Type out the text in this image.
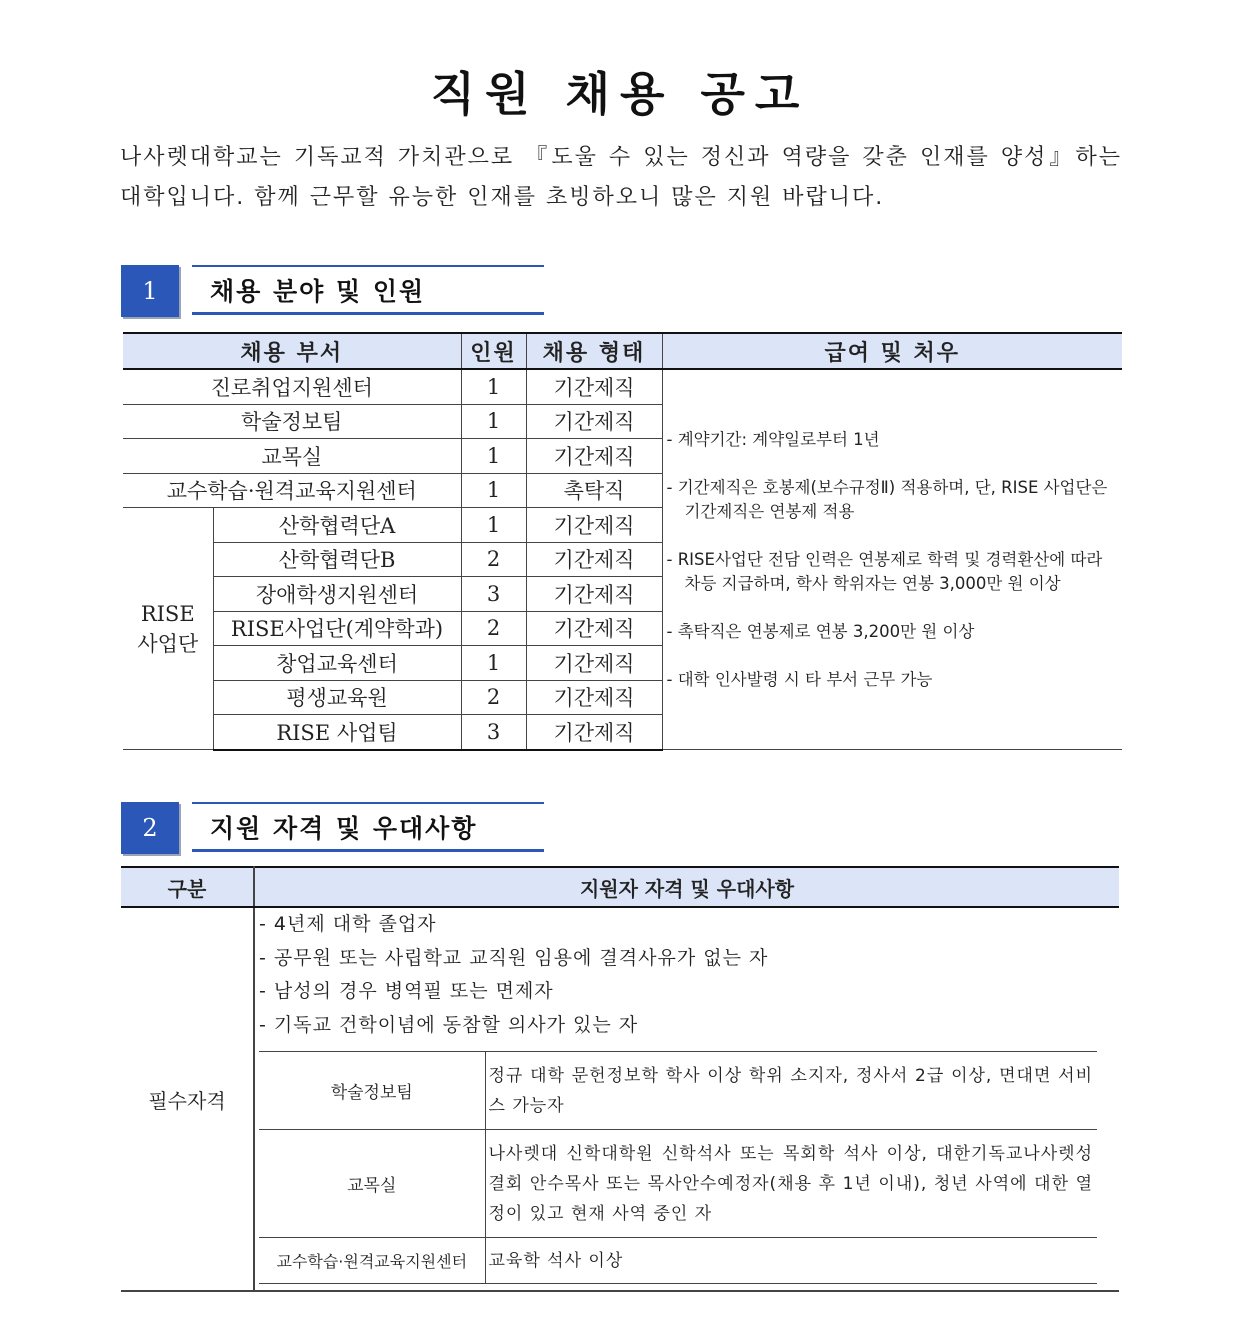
직원 채용 공고
나사렛대학교는 기독교적 가치관으로 『도울 수 있는 정신과 역량을 갖춘 인재를 양성』하는 대학입니다. 함께 근무할 유능한 인재를 초빙하오니 많은 지원 바랍니다.
1	채용 분야 및 인원
채용 부서		인원	채용 형태	급여 및 처우
진로취업지원센터		1	기간제직	- 계약기간: 계약일로부터 1년

- 기간제직은 호봉제(보수규정Ⅱ) 적용하며, 단, RISE 사업단은 기간제직은 연봉제 적용

- RISE사업단 전담 인력은 연봉제로 학력 및 경력환산에 따라 차등 지급하며, 학사 학위자는 연봉 3,000만 원 이상

- 촉탁직은 연봉제로 연봉 3,200만 원 이상

- 대학 인사발령 시 타 부서 근무 가능

학술정보팀		1	기간제직	
교목실		1	기간제직	
교수학습·원격교육지원센터		1	촉탁직	

RISE
사업단	산학협력단A	1	기간제직	
	산학협력단B	2	기간제직	
	장애학생지원센터	3	기간제직	
	RISE사업단(계약학과)	2	기간제직	
	창업교육센터	1	기간제직	
	평생교육원	2	기간제직	
	RISE 사업팀	3	기간제직	
2	지원 자격 및 우대사항
구분	지원자 자격 및 우대사항
필수자격	
- 4년제 대학 졸업자
- 공무원 또는 사립학교 교직원 임용에 결격사유가 없는 자
- 남성의 경우 병역필 또는 면제자
- 기독교 건학이념에 동참할 의사가 있는 자
학술정보팀	정규 대학 문헌정보학 학사 이상 학위 소지자, 정사서 2급 이상, 면대면 서비스 가능자
교목실	나사렛대 신학대학원 신학석사 또는 목회학 석사 이상, 대한기독교나사렛성결회 안수목사 또는 목사안수예정자(채용 후 1년 이내), 청년 사역에 대한 열정이 있고 현재 사역 중인 자
교수학습·원격교육지원센터	교육학 석사 이상
